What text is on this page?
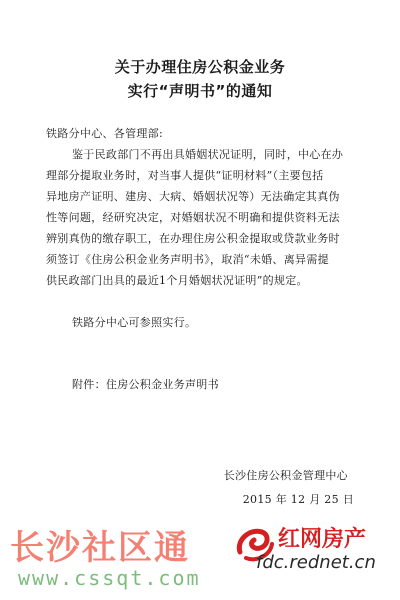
关于办理住房公积金业务
实行“声明书”的通知
铁路分中心、各管理部:
鉴于民政部门不再出具婚姻状况证明，同时，中心在办
理部分提取业务时，对当事人提供“证明材料”（主要包括
异地房产证明、建房、大病、婚姻状况等）无法确定其真伪
性等问题，经研究决定，对婚姻状况不明确和提供资料无法
辨别真伪的缴存职工，在办理住房公积金提取或贷款业务时
须签订《住房公积金业务声明书》，取消“未婚、离异需提
供民政部门出具的最近1个月婚姻状况证明”的规定。
铁路分中心可参照实行。
附件：住房公积金业务声明书
长沙住房公积金管理中心
2015 年 12 月 25 日
长沙社区通
www.cssqt.com
红网房产
fdc.rednet.cn
